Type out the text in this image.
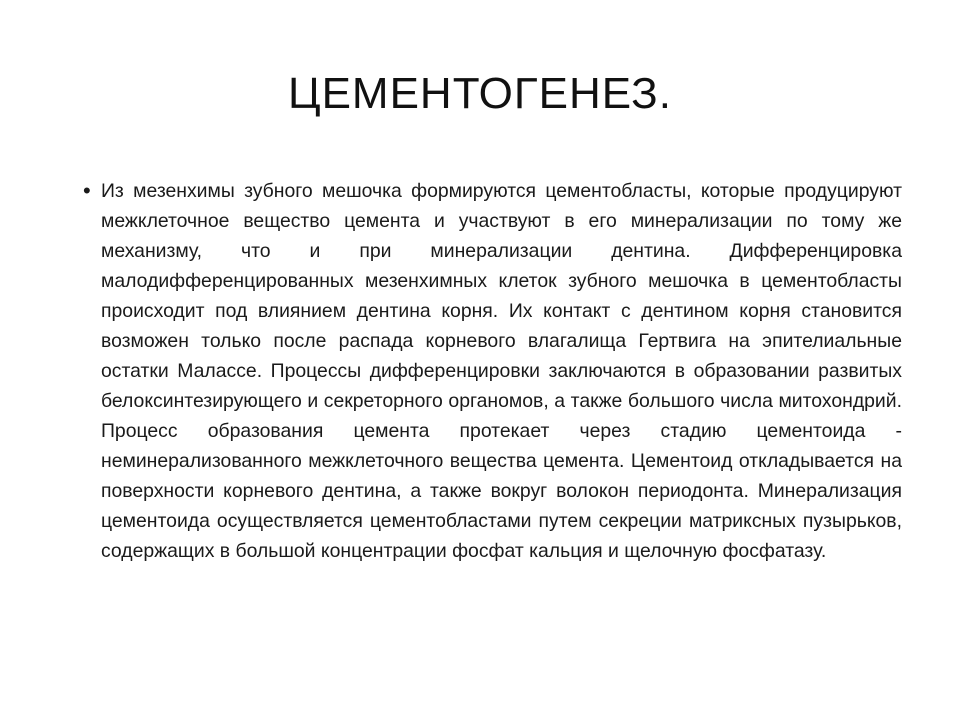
ЦЕМЕНТОГЕНЕЗ.
• Из мезенхимы зубного мешочка формируются цементобласты, которые продуцируют межклеточное вещество цемента и участвуют в его минерализации по тому же механизму, что и при минерализации дентина. Дифференцировка малодифференцированных мезенхимных клеток зубного мешочка в цементобласты происходит под влиянием дентина корня. Их контакт с дентином корня становится возможен только после распада корневого влагалища Гертвига на эпителиальные остатки Малассе. Процессы дифференцировки заключаются в образовании развитых белоксинтезирующего и секреторного органомов, а также большого числа митохондрий. Процесс образования цемента протекает через стадию цементоида - неминерализованного межклеточного вещества цемента. Цементоид откладывается на поверхности корневого дентина, а также вокруг волокон периодонта. Минерализация цементоида осуществляется цементобластами путем секреции матриксных пузырьков, содержащих в большой концентрации фосфат кальция и щелочную фосфатазу.
